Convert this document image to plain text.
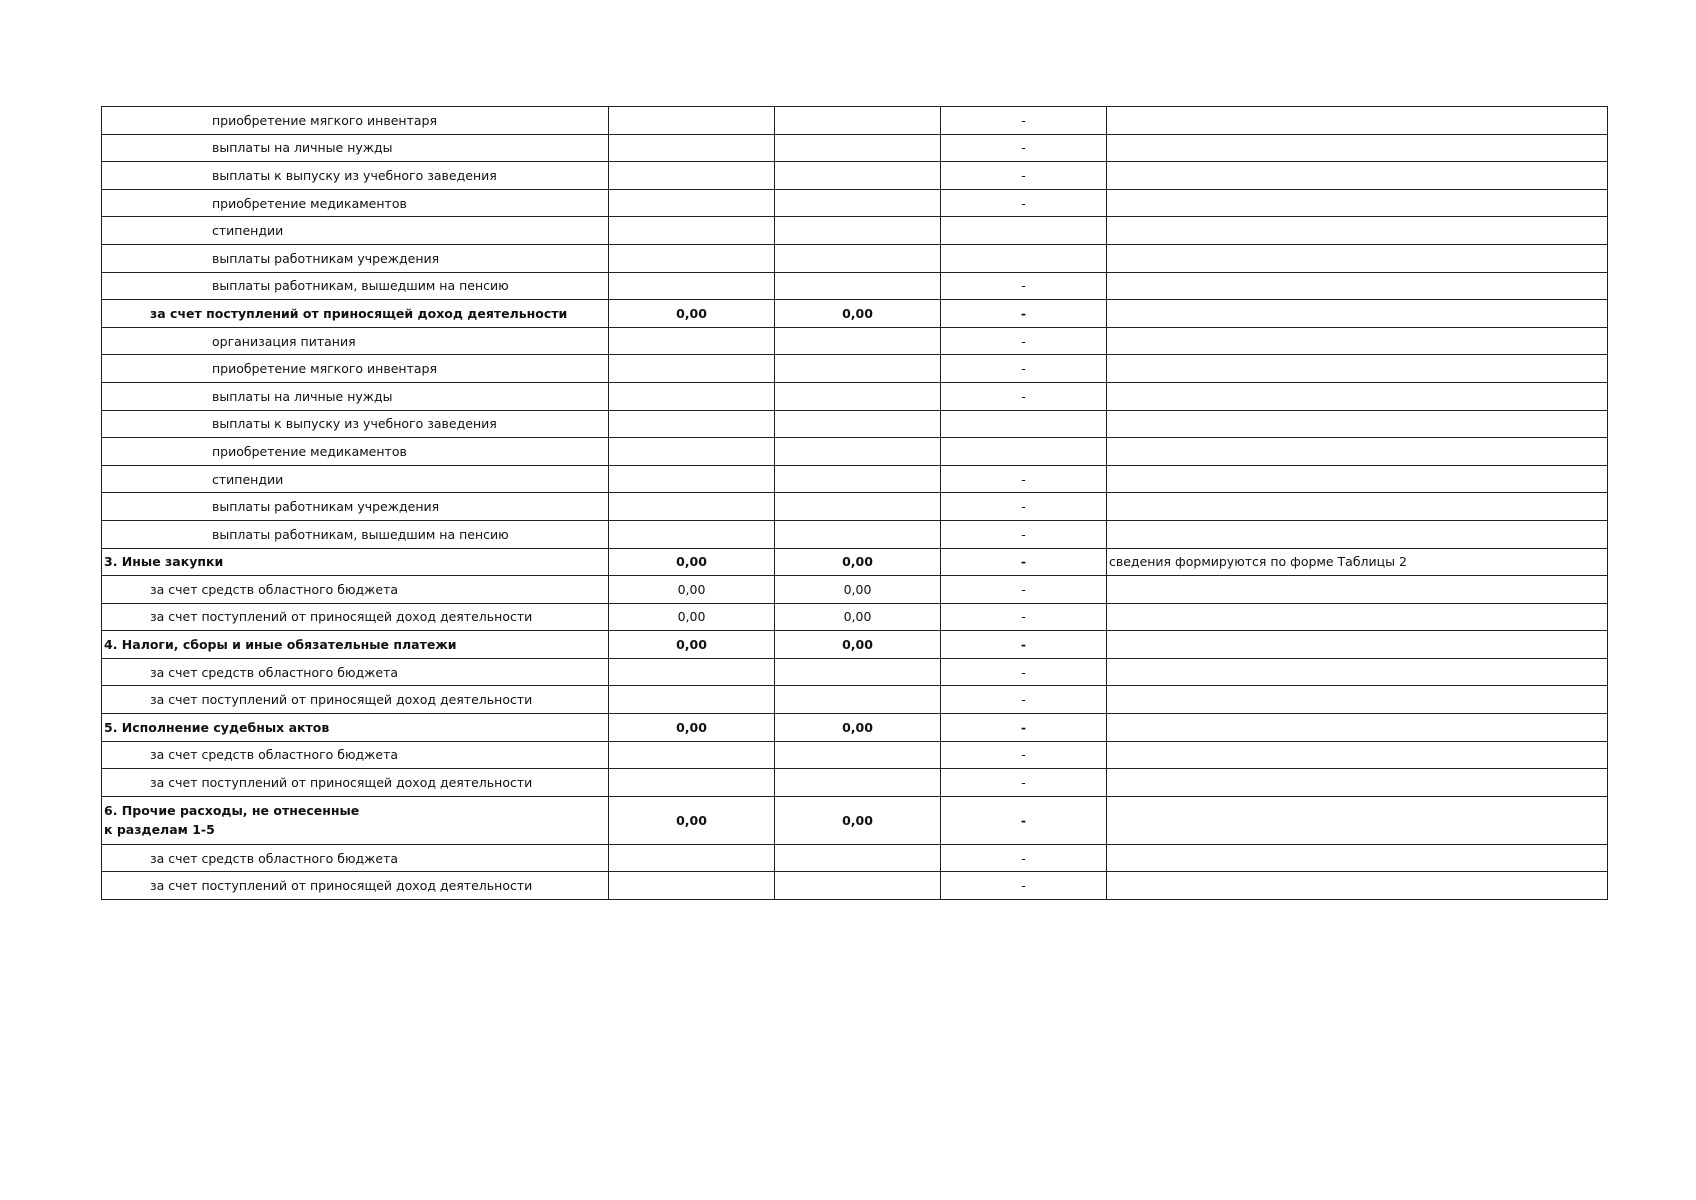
приобретение мягкого инвентаря			-	
выплаты на личные нужды			-	
выплаты к выпуску из учебного заведения			-	
приобретение медикаментов			-	
стипендии				
выплаты работникам учреждения				
выплаты работникам, вышедшим на пенсию			-	
за счет поступлений от приносящей доход деятельности	0,00	0,00	-	
организация питания			-	
приобретение мягкого инвентаря			-	
выплаты на личные нужды			-	
выплаты к выпуску из учебного заведения				
приобретение медикаментов				
стипендии			-	
выплаты работникам учреждения			-	
выплаты работникам, вышедшим на пенсию			-	
3. Иные закупки	0,00	0,00	-	сведения формируются по форме Таблицы 2
за счет средств областного бюджета	0,00	0,00	-	
за счет поступлений от приносящей доход деятельности	0,00	0,00	-	
4. Налоги, сборы и иные обязательные платежи	0,00	0,00	-	
за счет средств областного бюджета			-	
за счет поступлений от приносящей доход деятельности			-	
5. Исполнение судебных актов	0,00	0,00	-	
за счет средств областного бюджета			-	
за счет поступлений от приносящей доход деятельности			-	
6. Прочие расходы, не отнесенные
к разделам 1-5	0,00	0,00	-	
за счет средств областного бюджета			-	
за счет поступлений от приносящей доход деятельности			-	
